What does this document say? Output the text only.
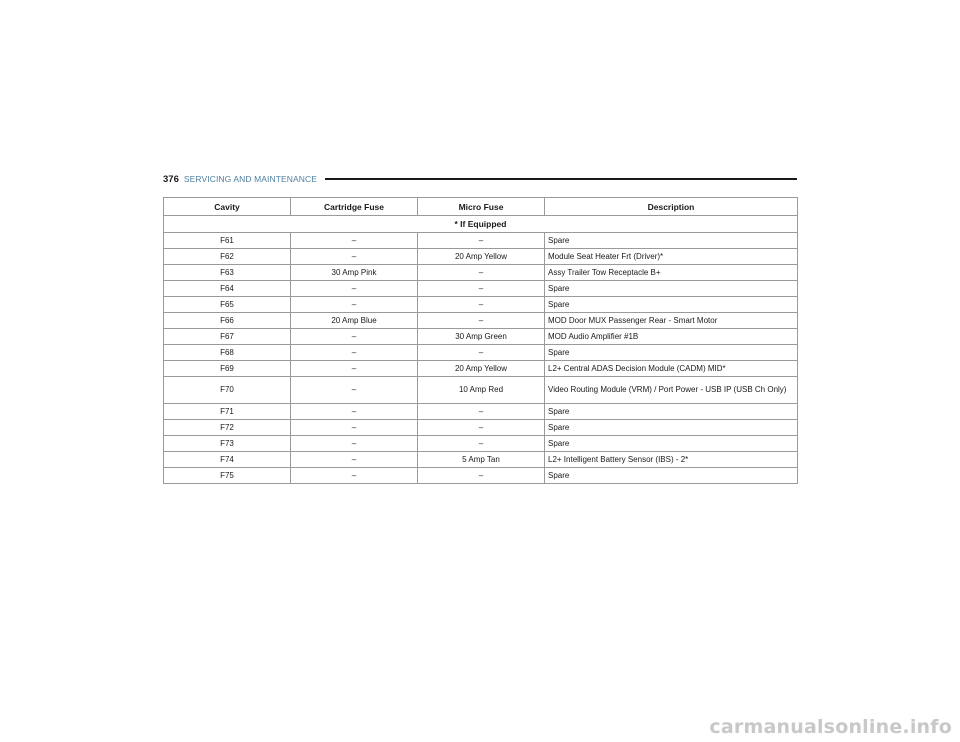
376 SERVICING AND MAINTENANCE
Cavity	Cartridge Fuse	Micro Fuse	Description
* If Equipped			
F61	–	–	Spare
F62	–	20 Amp Yellow	Module Seat Heater Frt (Driver)*
F63	30 Amp Pink	–	Assy Trailer Tow Receptacle B+
F64	–	–	Spare
F65	–	–	Spare
F66	20 Amp Blue	–	MOD Door MUX Passenger Rear - Smart Motor
F67	–	30 Amp Green	MOD Audio Amplifier #1B
F68	–	–	Spare
F69	–	20 Amp Yellow	L2+ Central ADAS Decision Module (CADM) MID*
F70	–	10 Amp Red	Video Routing Module (VRM) / Port Power - USB IP (USB Ch Only)
F71	–	–	Spare
F72	–	–	Spare
F73	–	–	Spare
F74	–	5 Amp Tan	L2+ Intelligent Battery Sensor (IBS) - 2*
F75	–	–	Spare
carmanualsonline.info
